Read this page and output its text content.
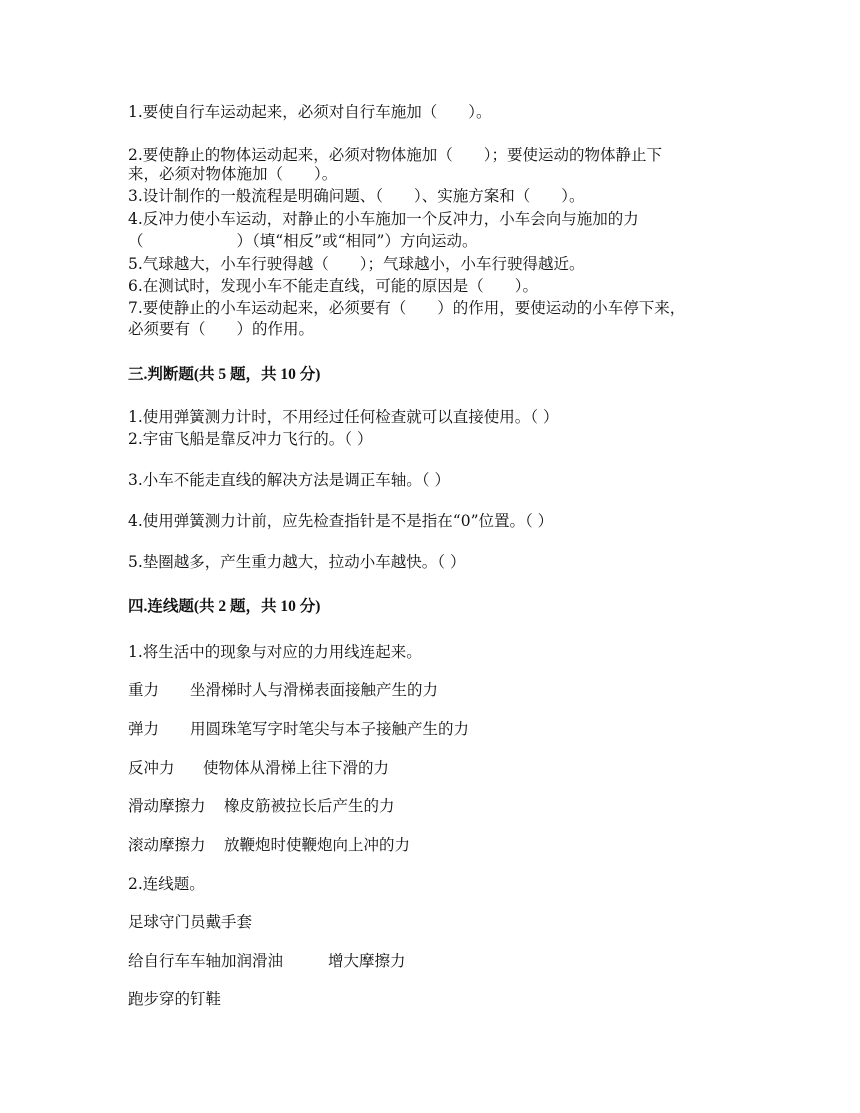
1.要使自行车运动起来，必须对自行车施加（　　）。
2.要使静止的物体运动起来，必须对物体施加（　　）；要使运动的物体静止下
来，必须对物体施加（　　）。
3.设计制作的一般流程是明确问题、（　　）、实施方案和（　　）。
4.反冲力使小车运动，对静止的小车施加一个反冲力，小车会向与施加的力
（　　　　　　）（填“相反”或“相同”）方向运动。
5.气球越大，小车行驶得越（　　）；气球越小，小车行驶得越近。
6.在测试时，发现小车不能走直线，可能的原因是（　　）。
7.要使静止的小车运动起来，必须要有（　　）的作用，要使运动的小车停下来，
必须要有（　　）的作用。
三.判断题(共 5 题，共 10 分)
1.使用弹簧测力计时，不用经过任何检查就可以直接使用。（ ）
2.宇宙飞船是靠反冲力飞行的。（ ）
3.小车不能走直线的解决方法是调正车轴。（ ）
4.使用弹簧测力计前，应先检查指针是不是指在“0”位置。（ ）
5.垫圈越多，产生重力越大，拉动小车越快。（ ）
四.连线题(共 2 题，共 10 分)
1.将生活中的现象与对应的力用线连起来。
重力 坐滑梯时人与滑梯表面接触产生的力
弹力 用圆珠笔写字时笔尖与本子接触产生的力
反冲力 使物体从滑梯上往下滑的力
滑动摩擦力 橡皮筋被拉长后产生的力
滚动摩擦力 放鞭炮时使鞭炮向上冲的力
2.连线题。
足球守门员戴手套
给自行车车轴加润滑油	增大摩擦力
跑步穿的钉鞋
